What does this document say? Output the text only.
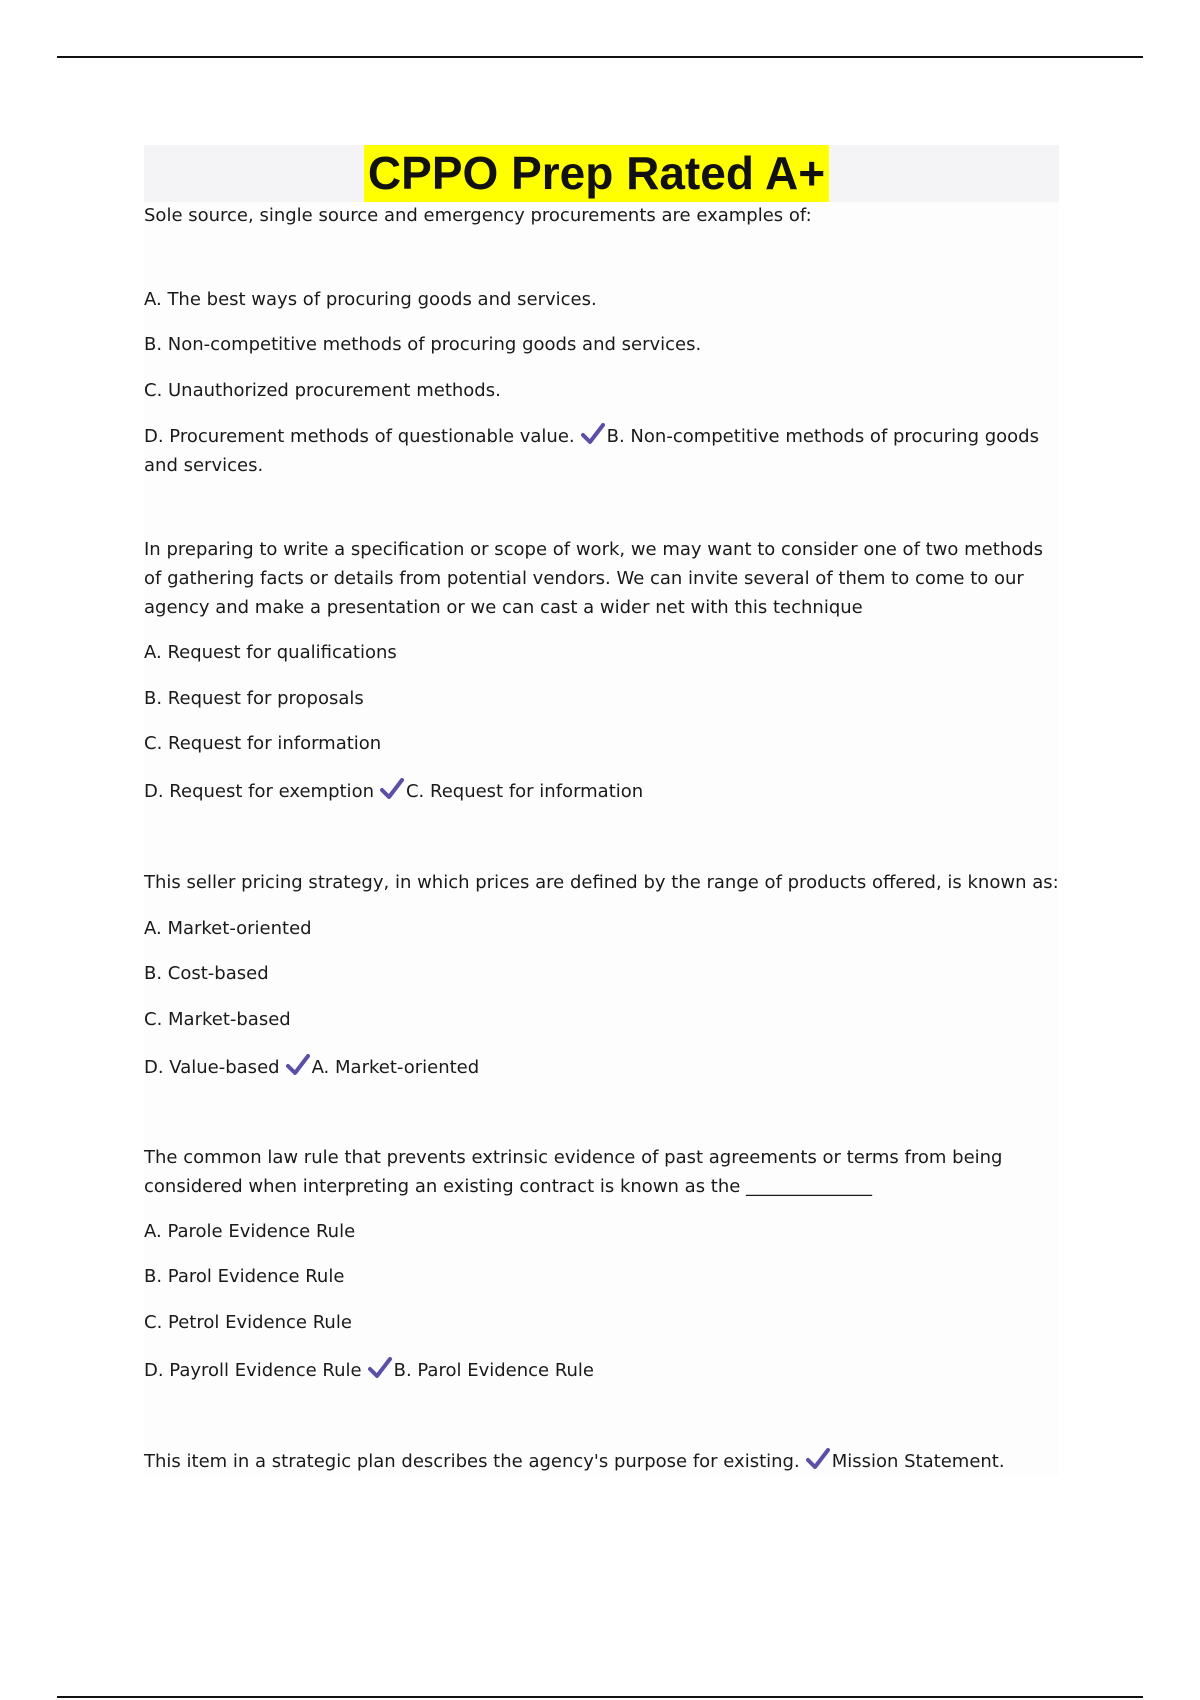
CPPO Prep Rated A+

Sole source, single source and emergency procurements are examples of:

A. The best ways of procuring goods and services.

B. Non-competitive methods of procuring goods and services.

C. Unauthorized procurement methods.

D. Procurement methods of questionable value. B. Non-competitive methods of procuring goods and services.

In preparing to write a specification or scope of work, we may want to consider one of two methods of gathering facts or details from potential vendors. We can invite several of them to come to our agency and make a presentation or we can cast a wider net with this technique

A. Request for qualifications

B. Request for proposals

C. Request for information

D. Request for exemption C. Request for information

This seller pricing strategy, in which prices are defined by the range of products offered, is known as:

A. Market-oriented

B. Cost-based

C. Market-based

D. Value-based A. Market-oriented

The common law rule that prevents extrinsic evidence of past agreements or terms from being considered when interpreting an existing contract is known as the ______________

A. Parole Evidence Rule

B. Parol Evidence Rule

C. Petrol Evidence Rule

D. Payroll Evidence Rule B. Parol Evidence Rule

This item in a strategic plan describes the agency's purpose for existing. Mission Statement.
